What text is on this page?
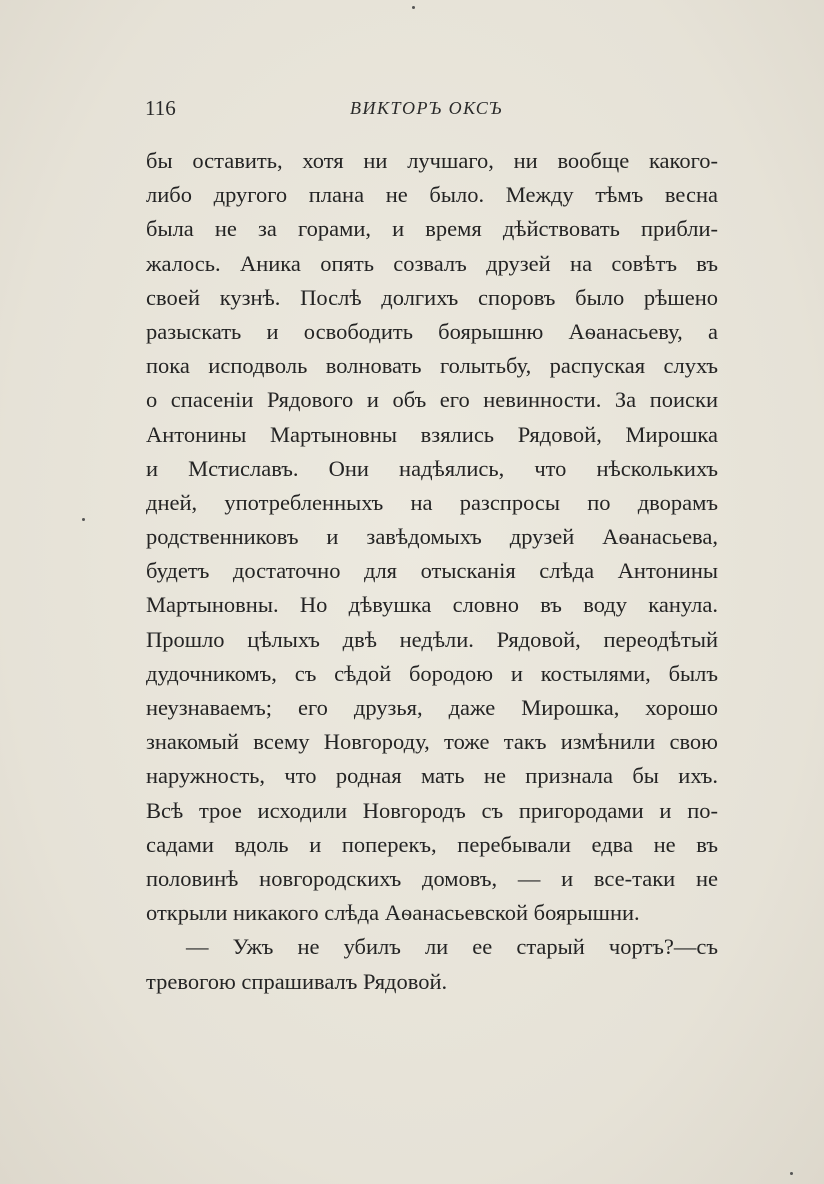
116	ВИКТОРЪ ОКСЪ
бы оставить, хотя ни лучшаго, ни вообще какого-
либо другого плана не было. Между тѣмъ весна
была не за горами, и время дѣйствовать прибли-
жалось. Аника опять созвалъ друзей на совѣтъ въ
своей кузнѣ. Послѣ долгихъ споровъ было рѣшено
разыскать и освободить боярышню Аѳанасьеву, а
пока исподволь волновать голытьбу, распуская слухъ
о спасеніи Рядового и объ его невинности. За поиски
Антонины Мартыновны взялись Рядовой, Мирошка
и Мстиславъ. Они надѣялись, что нѣсколькихъ
дней, употребленныхъ на разспросы по дворамъ
родственниковъ и завѣдомыхъ друзей Аѳанасьева,
будетъ достаточно для отысканія слѣда Антонины
Мартыновны. Но дѣвушка словно въ воду канула.
Прошло цѣлыхъ двѣ недѣли. Рядовой, переодѣтый
дудочникомъ, съ сѣдой бородою и костылями, былъ
неузнаваемъ; его друзья, даже Мирошка, хорошо
знакомый всему Новгороду, тоже такъ измѣнили свою
наружность, что родная мать не признала бы ихъ.
Всѣ трое исходили Новгородъ съ пригородами и по-
садами вдоль и поперекъ, перебывали едва не въ
половинѣ новгородскихъ домовъ, — и все-таки не
открыли никакого слѣда Аѳанасьевской боярышни.
— Ужъ не убилъ ли ее старый чортъ?—съ
тревогою спрашивалъ Рядовой.
